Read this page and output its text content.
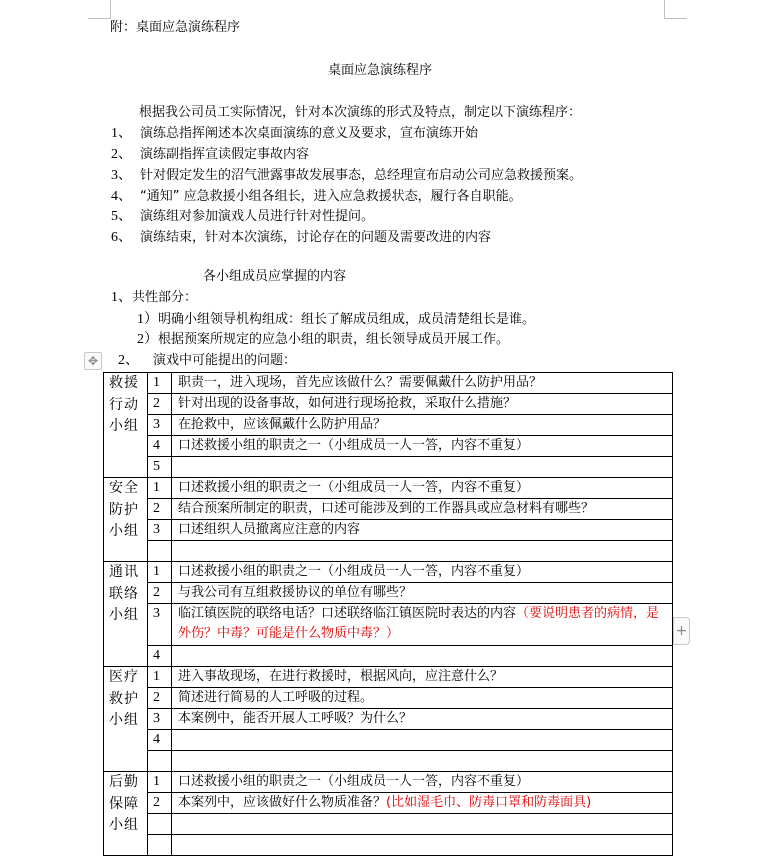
附：桌面应急演练程序
桌面应急演练程序
根据我公司员工实际情况，针对本次演练的形式及特点，制定以下演练程序：
1、 演练总指挥阐述本次桌面演练的意义及要求，宣布演练开始
2、 演练副指挥宣读假定事故内容
3、 针对假定发生的沼气泄露事故发展事态，总经理宣布启动公司应急救援预案。
4、 “通知” 应急救援小组各组长，进入应急救援状态，履行各自职能。
5、 演练组对参加演戏人员进行针对性提问。
6、 演练结束，针对本次演练，讨论存在的问题及需要改进的内容
各小组成员应掌握的内容
1、共性部分：
1）明确小组领导机构组成：组长了解成员组成，成员清楚组长是谁。
2）根据预案所规定的应急小组的职责，组长领导成员开展工作。
✥ 2、 演戏中可能提出的问题：
救援
行动
小组	1	职责一，进入现场，首先应该做什么？需要佩戴什么防护用品？
	2	针对出现的设备事故，如何进行现场抢救，采取什么措施？
	3	在抢救中，应该佩戴什么防护用品？
	4	口述救援小组的职责之一（小组成员一人一答，内容不重复）
	5	

安全
防护
小组	1	口述救援小组的职责之一（小组成员一人一答，内容不重复）
	2	结合预案所制定的职责，口述可能涉及到的工作器具或应急材料有哪些？
	3	口述组织人员撤离应注意的内容

通讯
联络
小组	1	口述救援小组的职责之一（小组成员一人一答，内容不重复）
	2	与我公司有互组救援协议的单位有哪些？
	3	临江镇医院的联络电话？口述联络临江镇医院时表达的内容（要说明患者的病情，是外伤？中毒？可能是什么物质中毒？）
	4	

医疗
救护
小组	1	进入事故现场，在进行救援时，根据风向，应注意什么？
	2	简述进行简易的人工呼吸的过程。
	3	本案例中，能否开展人工呼吸？为什么？
	4	

后勤
保障
小组	1	口述救援小组的职责之一（小组成员一人一答，内容不重复）
	2	本案列中，应该做好什么物质准备？(比如湿毛巾、防毒口罩和防毒面具)

+
